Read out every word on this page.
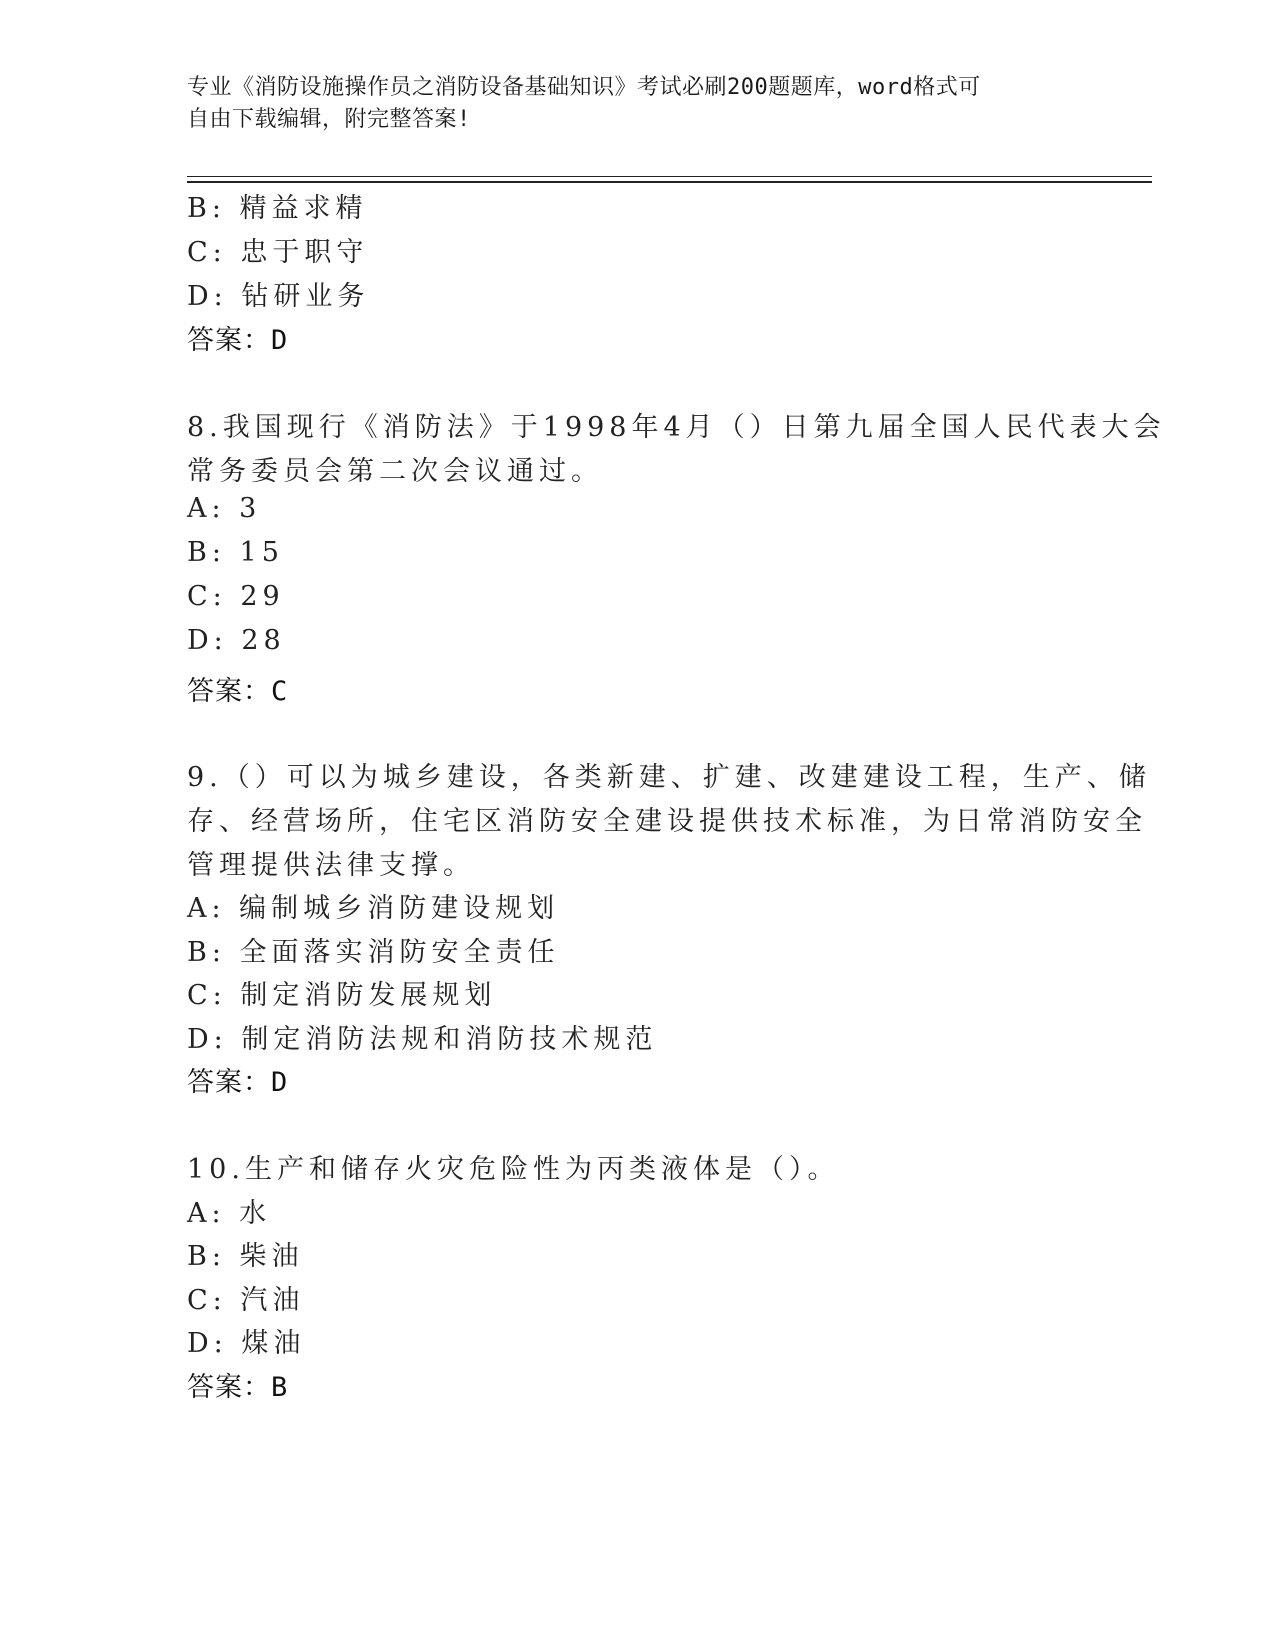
专业《消防设施操作员之消防设备基础知识》考试必刷200题题库，word格式可
自由下载编辑，附完整答案!
B: 精益求精
C: 忠于职守
D: 钻研业务
答案：D
8.我国现行《消防法》于1998年4月（）日第九届全国人民代表大会
常务委员会第二次会议通过。
A: 3
B: 15
C: 29
D: 28
答案：C
9.（）可以为城乡建设，各类新建、扩建、改建建设工程，生产、储
存、经营场所，住宅区消防安全建设提供技术标准，为日常消防安全
管理提供法律支撑。
A: 编制城乡消防建设规划
B: 全面落实消防安全责任
C: 制定消防发展规划
D: 制定消防法规和消防技术规范
答案：D
10.生产和储存火灾危险性为丙类液体是（）。
A: 水
B: 柴油
C: 汽油
D: 煤油
答案：B
